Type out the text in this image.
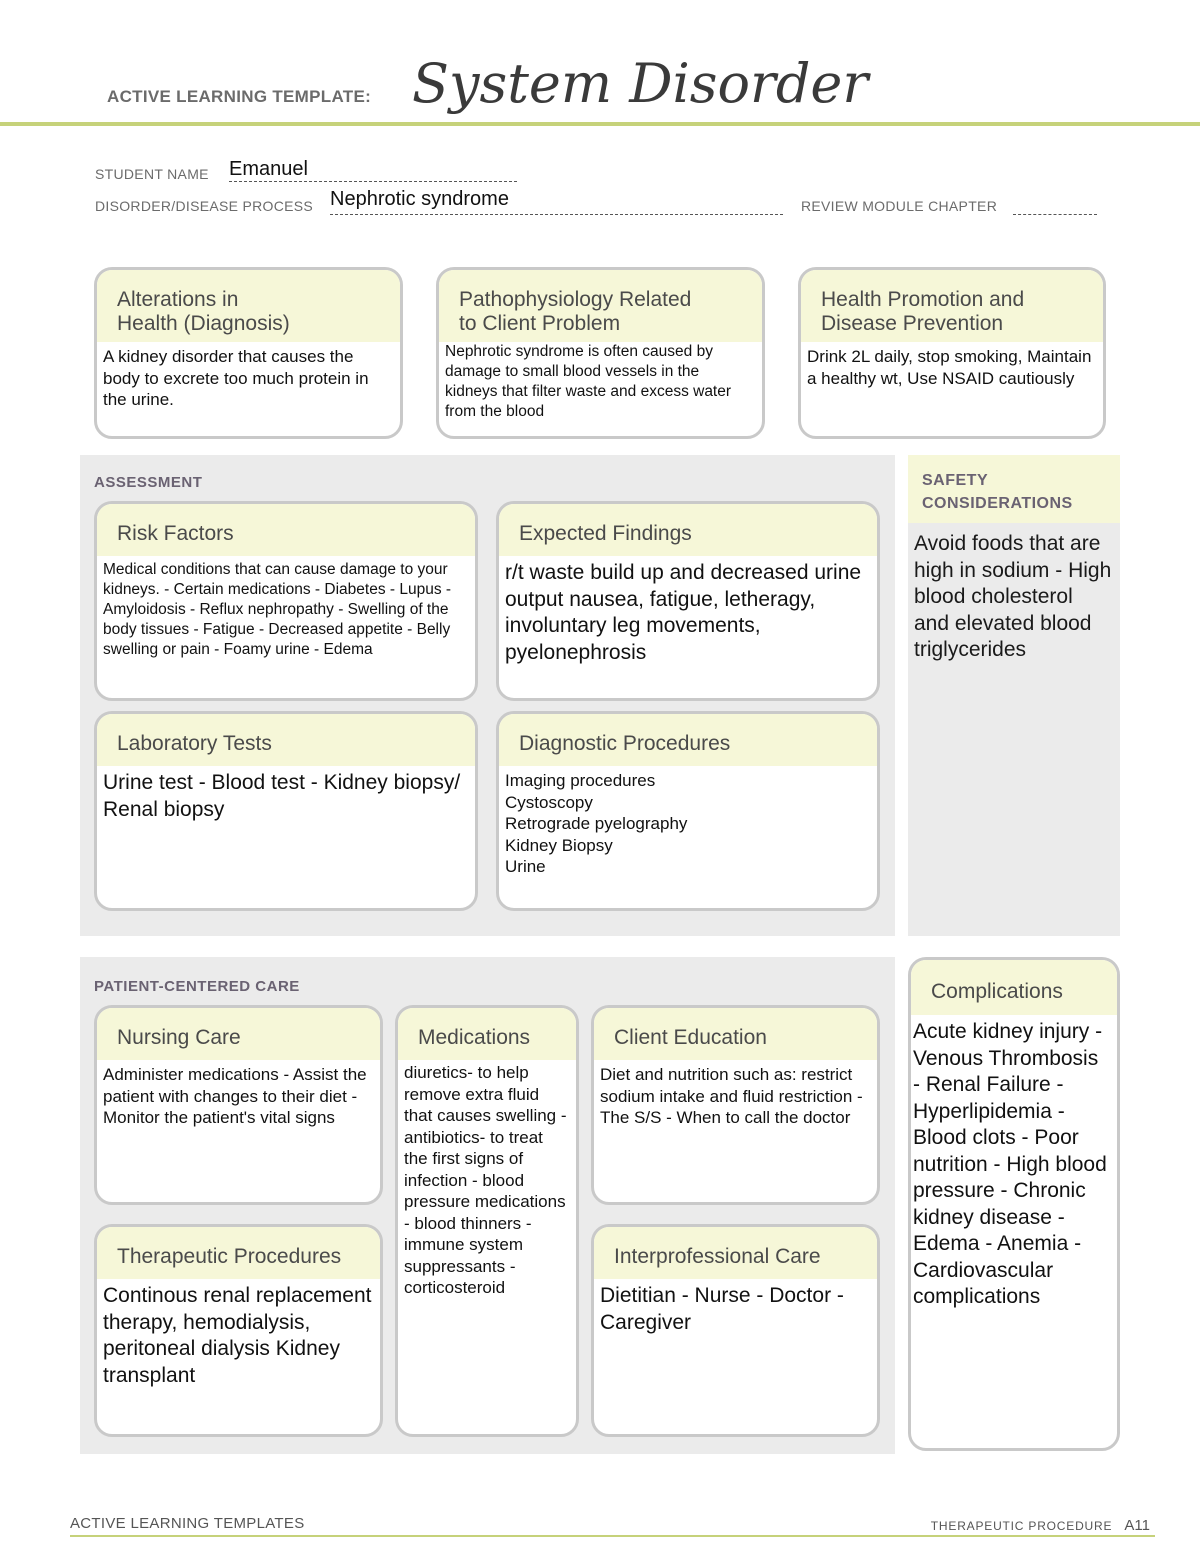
ACTIVE LEARNING TEMPLATE: System Disorder
STUDENT NAME Emanuel
DISORDER/DISEASE PROCESS Nephrotic syndrome	REVIEW MODULE CHAPTER
Alterations in
Health (Diagnosis)
A kidney disorder that causes the body to excrete too much protein in the urine.
Pathophysiology Related
to Client Problem
Nephrotic syndrome is often caused by damage to small blood vessels in the kidneys that filter waste and excess water from the blood
Health Promotion and
Disease Prevention
Drink 2L daily, stop smoking, Maintain a healthy wt, Use NSAID cautiously
ASSESSMENT
Risk Factors
Medical conditions that can cause damage to your kidneys. - Certain medications - Diabetes - Lupus - Amyloidosis - Reflux nephropathy - Swelling of the body tissues - Fatigue - Decreased appetite - Belly swelling or pain - Foamy urine - Edema
Expected Findings
r/t waste build up and decreased urine output nausea, fatigue, letheragy, involuntary leg movements, pyelonephrosis
Laboratory Tests
Urine test - Blood test - Kidney biopsy/ Renal biopsy
Diagnostic Procedures
Imaging procedures
Cystoscopy
Retrograde pyelography
Kidney Biopsy
Urine
SAFETY
CONSIDERATIONS
Avoid foods that are high in sodium - High blood cholesterol and elevated blood triglycerides
PATIENT-CENTERED CARE
Nursing Care
Administer medications - Assist the patient with changes to their diet - Monitor the patient's vital signs
Medications
diuretics- to help remove extra fluid that causes swelling - antibiotics- to treat the first signs of infection - blood pressure medications - blood thinners - immune system suppressants - corticosteroid
Client Education
Diet and nutrition such as: restrict sodium intake and fluid restriction - The S/S - When to call the doctor
Therapeutic Procedures
Continous renal replacement therapy, hemodialysis, peritoneal dialysis Kidney transplant
Interprofessional Care
Dietitian - Nurse - Doctor - Caregiver
Complications
Acute kidney injury - Venous Thrombosis - Renal Failure - Hyperlipidemia - Blood clots - Poor nutrition - High blood pressure - Chronic kidney disease - Edema - Anemia - Cardiovascular complications
ACTIVE LEARNING TEMPLATES	THERAPEUTIC PROCEDURE A11
